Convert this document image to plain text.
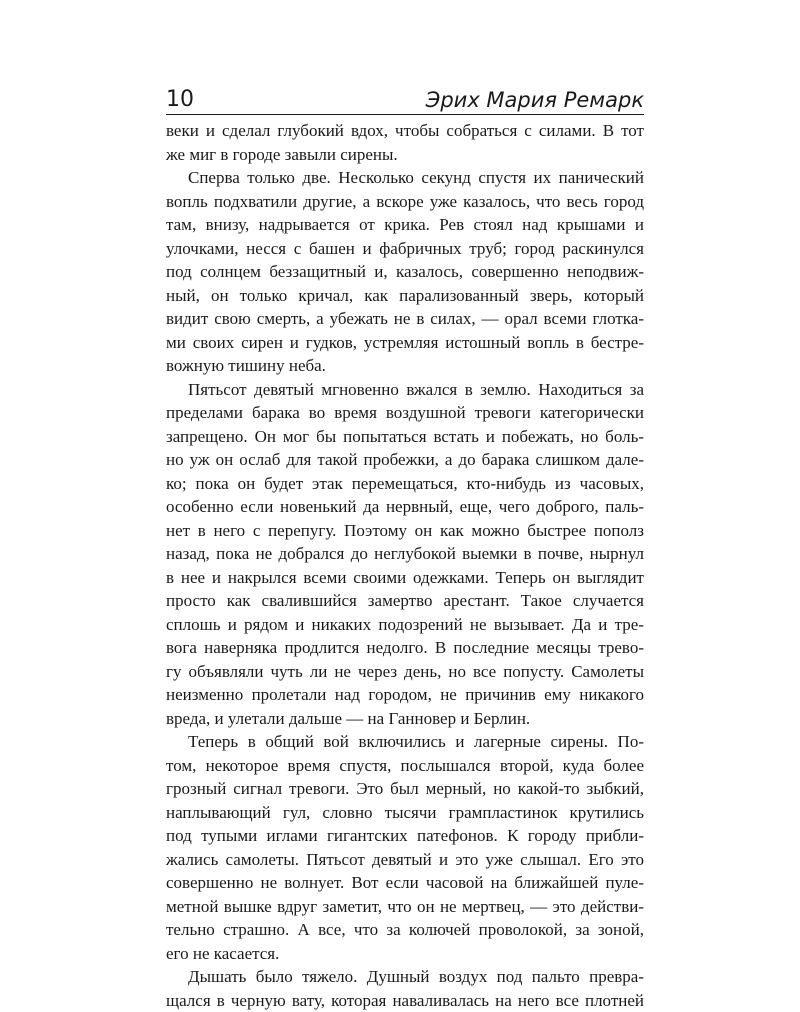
10	Эрих Мария Ремарк

веки и сделал глубокий вдох, чтобы собраться с силами. В тот
же миг в городе завыли сирены.

Сперва только две. Несколько секунд спустя их панический
вопль подхватили другие, а вскоре уже казалось, что весь город
там, внизу, надрывается от крика. Рев стоял над крышами и
улочками, несся с башен и фабричных труб; город раскинулся
под солнцем беззащитный и, казалось, совершенно неподвиж-
ный, он только кричал, как парализованный зверь, который
видит свою смерть, а убежать не в силах, — орал всеми глотка-
ми своих сирен и гудков, устремляя истошный вопль в бестре-
вожную тишину неба.

Пятьсот девятый мгновенно вжался в землю. Находиться за
пределами барака во время воздушной тревоги категорически
запрещено. Он мог бы попытаться встать и побежать, но боль-
но уж он ослаб для такой пробежки, а до барака слишком дале-
ко; пока он будет этак перемещаться, кто-нибудь из часовых,
особенно если новенький да нервный, еще, чего доброго, паль-
нет в него с перепугу. Поэтому он как можно быстрее пополз
назад, пока не добрался до неглубокой выемки в почве, нырнул
в нее и накрылся всеми своими одежками. Теперь он выглядит
просто как свалившийся замертво арестант. Такое случается
сплошь и рядом и никаких подозрений не вызывает. Да и тре-
вога наверняка продлится недолго. В последние месяцы трево-
гу объявляли чуть ли не через день, но все попусту. Самолеты
неизменно пролетали над городом, не причинив ему никакого
вреда, и улетали дальше — на Ганновер и Берлин.

Теперь в общий вой включились и лагерные сирены. По-
том, некоторое время спустя, послышался второй, куда более
грозный сигнал тревоги. Это был мерный, но какой-то зыбкий,
наплывающий гул, словно тысячи грампластинок крутились
под тупыми иглами гигантских патефонов. К городу прибли-
жались самолеты. Пятьсот девятый и это уже слышал. Его это
совершенно не волнует. Вот если часовой на ближайшей пуле-
метной вышке вдруг заметит, что он не мертвец, — это действи-
тельно страшно. А все, что за колючей проволокой, за зоной,
его не касается.

Дышать было тяжело. Душный воздух под пальто превра-
щался в черную вату, которая наваливалась на него все плотней
